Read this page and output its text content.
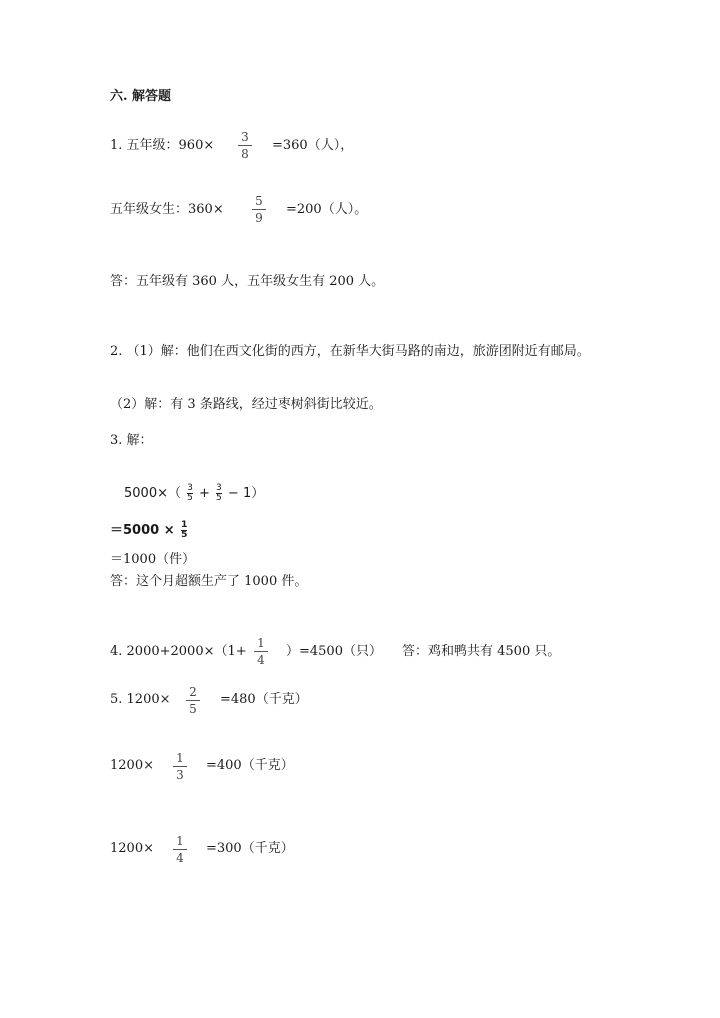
六. 解答题
1. 五年级：960×
3
8
=360（人），
五年级女生：360×
5
9
=200（人）。
答：五年级有 360 人，五年级女生有 200 人。
2. （1）解：他们在西文化街的西方，在新华大街马路的南边，旅游团附近有邮局。
（2）解：有 3 条路线，经过枣树斜街比较近。
3. 解：
$5000\times( \frac{3}{5} + \frac{3}{5} - 1)$
$=5000 \times \frac{1}{5}$
＝1000（件）
答：这个月超额生产了 1000 件。
4. 2000+2000×（1+
1
4
）=4500（只） 答：鸡和鸭共有 4500 只。
5. 1200× 2
5
=480（千克）
1200× 1
3
=400（千克）
1200× 1
4
=300（千克）
